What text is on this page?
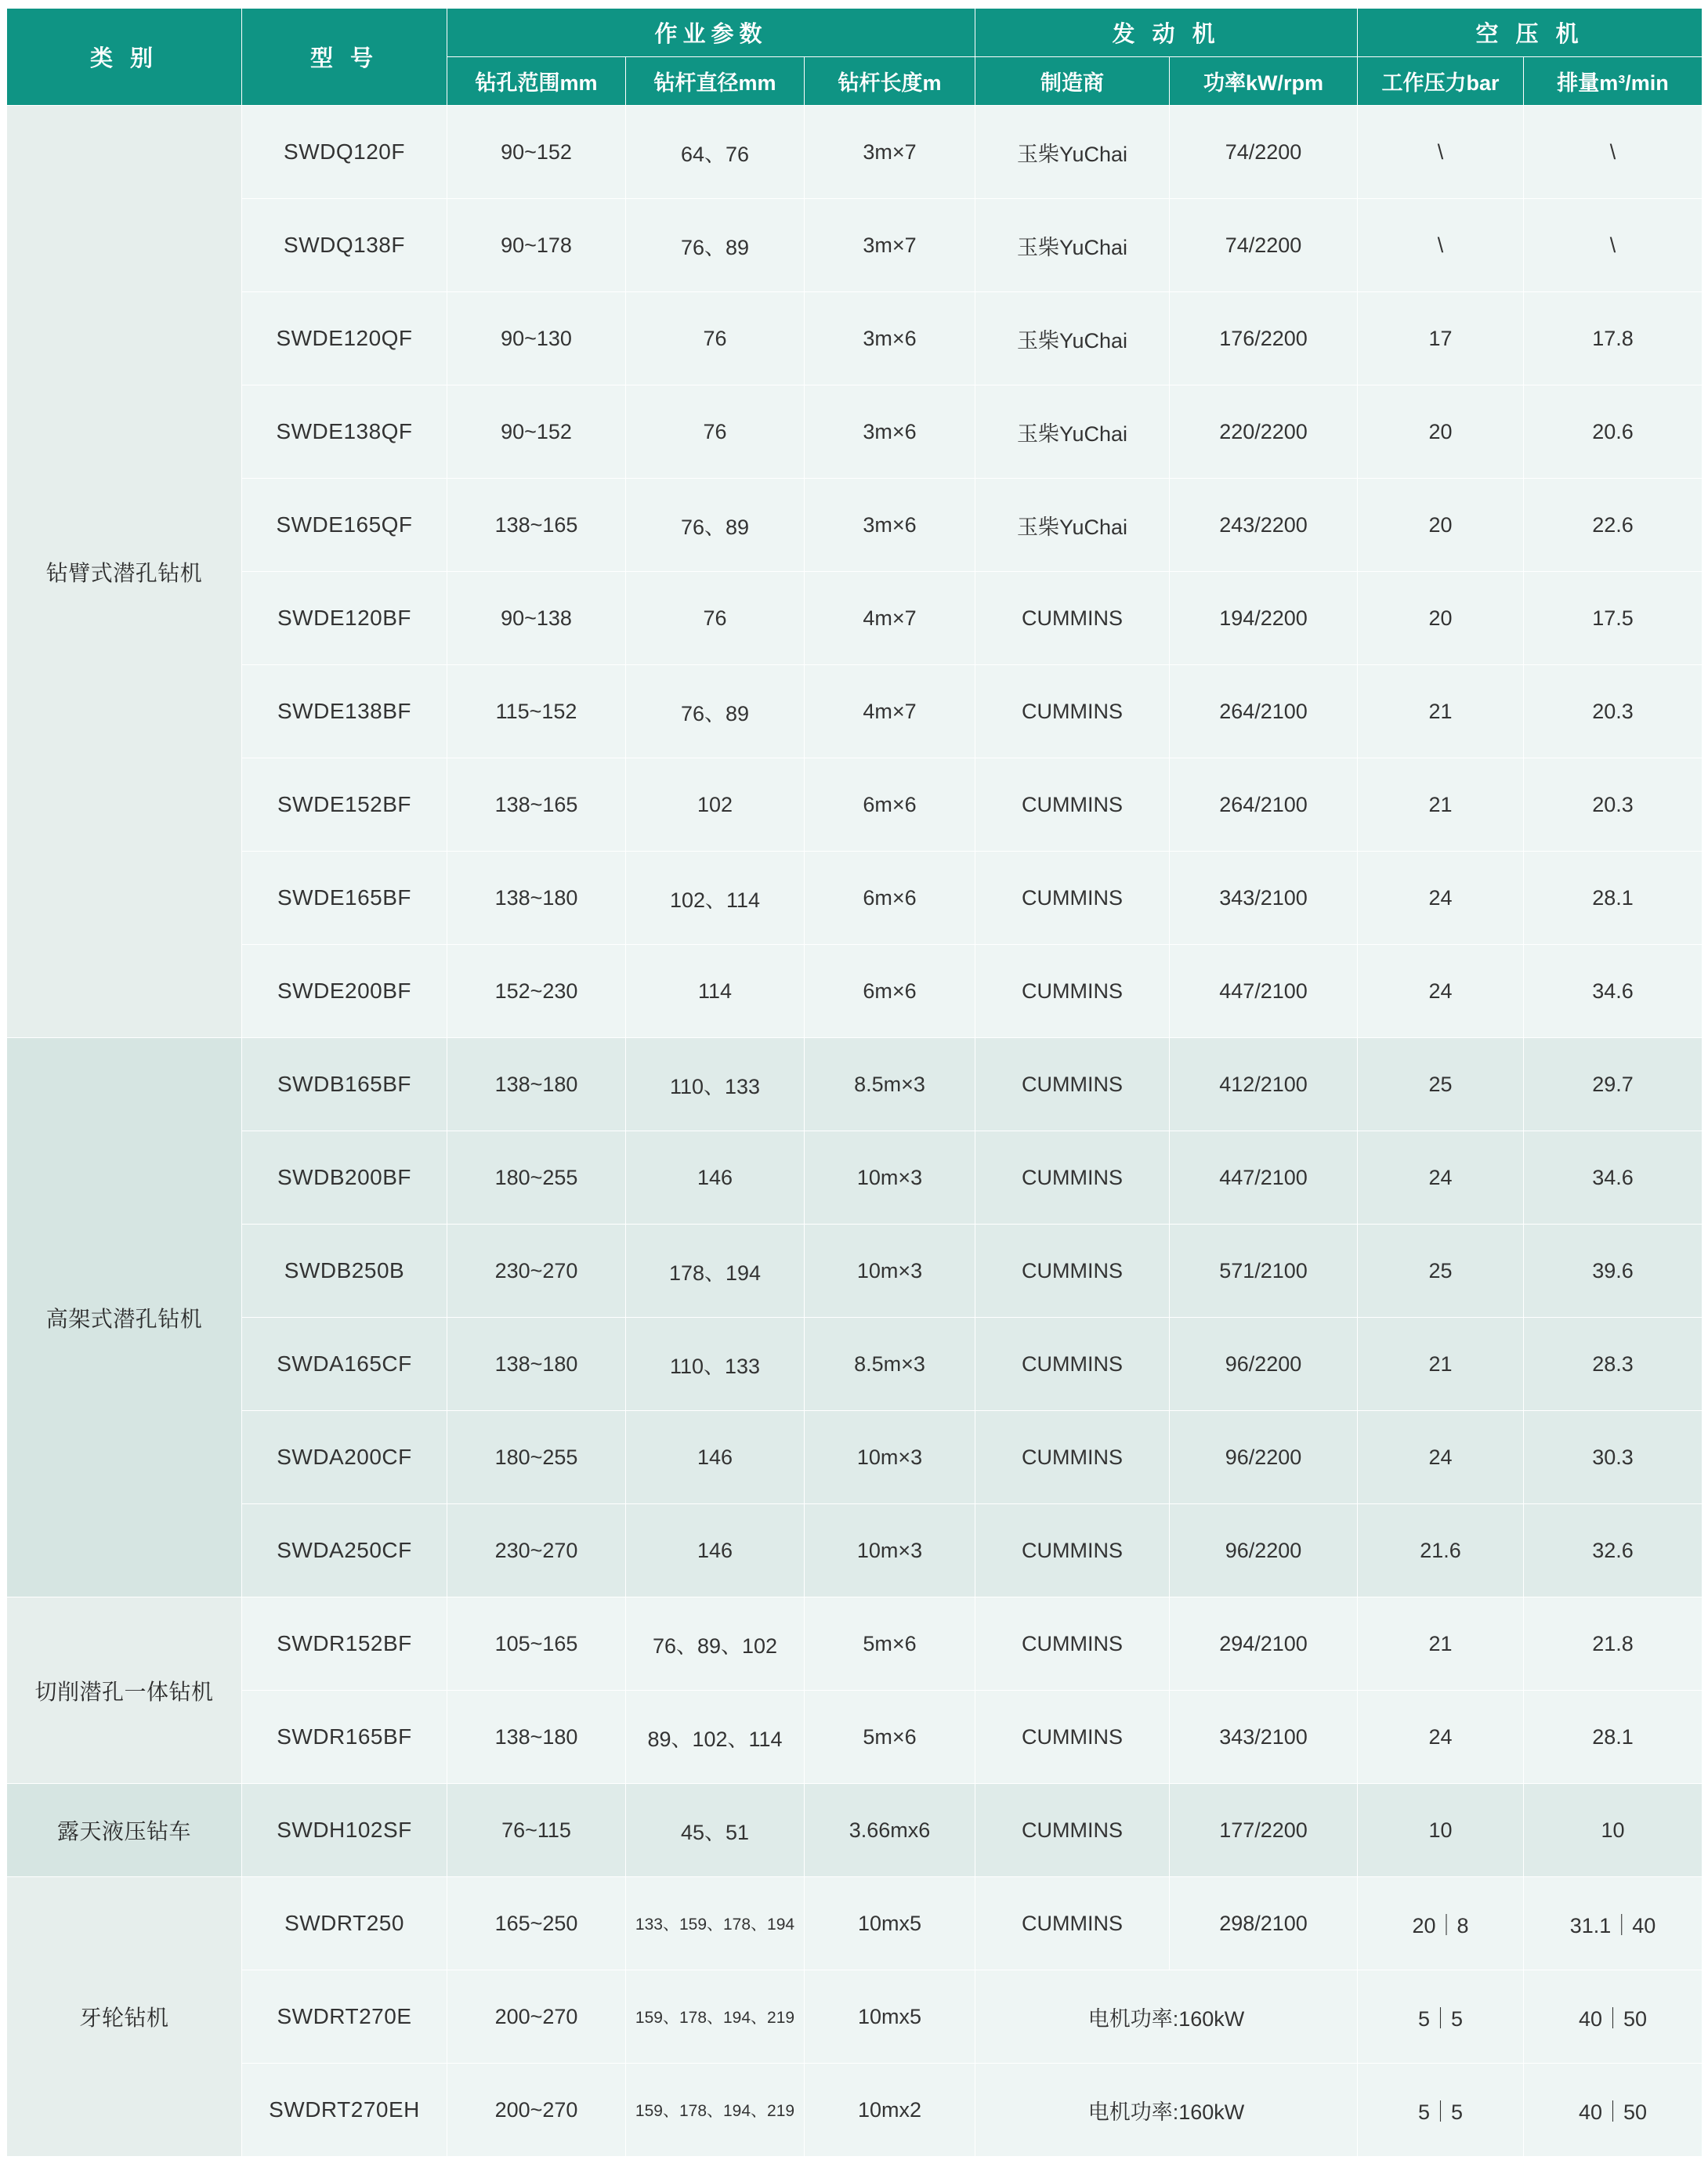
类 别	型 号	作业参数			发 动 机		空 压 机	
		钻孔范围mm	钻杆直径mm	钻杆长度m	制造商	功率kW/rpm	工作压力bar	排量m³/min
钻臂式潜孔钻机	SWDQ120F	90~152	64、76	3m×7	玉柴YuChai	74/2200	\	\
	SWDQ138F	90~178	76、89	3m×7	玉柴YuChai	74/2200	\	\
	SWDE120QF	90~130	76	3m×6	玉柴YuChai	176/2200	17	17.8
	SWDE138QF	90~152	76	3m×6	玉柴YuChai	220/2200	20	20.6
	SWDE165QF	138~165	76、89	3m×6	玉柴YuChai	243/2200	20	22.6
	SWDE120BF	90~138	76	4m×7	CUMMINS	194/2200	20	17.5
	SWDE138BF	115~152	76、89	4m×7	CUMMINS	264/2100	21	20.3
	SWDE152BF	138~165	102	6m×6	CUMMINS	264/2100	21	20.3
	SWDE165BF	138~180	102、114	6m×6	CUMMINS	343/2100	24	28.1
	SWDE200BF	152~230	114	6m×6	CUMMINS	447/2100	24	34.6
高架式潜孔钻机	SWDB165BF	138~180	110、133	8.5m×3	CUMMINS	412/2100	25	29.7
	SWDB200BF	180~255	146	10m×3	CUMMINS	447/2100	24	34.6
	SWDB250B	230~270	178、194	10m×3	CUMMINS	571/2100	25	39.6
	SWDA165CF	138~180	110、133	8.5m×3	CUMMINS	96/2200	21	28.3
	SWDA200CF	180~255	146	10m×3	CUMMINS	96/2200	24	30.3
	SWDA250CF	230~270	146	10m×3	CUMMINS	96/2200	21.6	32.6
切削潜孔一体钻机	SWDR152BF	105~165	76、89、102	5m×6	CUMMINS	294/2100	21	21.8
	SWDR165BF	138~180	89、102、114	5m×6	CUMMINS	343/2100	24	28.1
露天液压钻车	SWDH102SF	76~115	45、51	3.66mx6	CUMMINS	177/2200	10	10
牙轮钻机	SWDRT250	165~250	133、159、178、194	10mx5	CUMMINS	298/2100	20｜8	31.1｜40
	SWDRT270E	200~270	159、178、194、219	10mx5	电机功率:160kW		5｜5	40｜50
	SWDRT270EH	200~270	159、178、194、219	10mx2	电机功率:160kW		5｜5	40｜50
